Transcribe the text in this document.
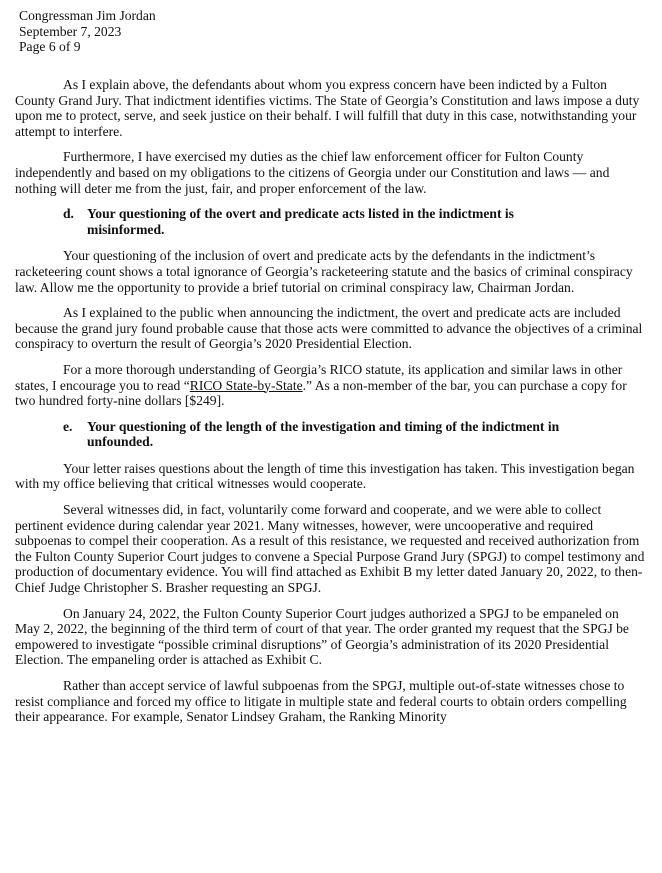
Congressman Jim Jordan
September 7, 2023
Page 6 of 9

As I explain above, the defendants about whom you express concern have been indicted by a Fulton County Grand Jury. That indictment identifies victims. The State of Georgia’s Constitution and laws impose a duty upon me to protect, serve, and seek justice on their behalf. I will fulfill that duty in this case, notwithstanding your attempt to interfere.

Furthermore, I have exercised my duties as the chief law enforcement officer for Fulton County independently and based on my obligations to the citizens of Georgia under our Constitution and laws — and nothing will deter me from the just, fair, and proper enforcement of the law.

d. Your questioning of the overt and predicate acts listed in the indictment is misinformed.

Your questioning of the inclusion of overt and predicate acts by the defendants in the indictment’s racketeering count shows a total ignorance of Georgia’s racketeering statute and the basics of criminal conspiracy law. Allow me the opportunity to provide a brief tutorial on criminal conspiracy law, Chairman Jordan.

As I explained to the public when announcing the indictment, the overt and predicate acts are included because the grand jury found probable cause that those acts were committed to advance the objectives of a criminal conspiracy to overturn the result of Georgia’s 2020 Presidential Election.

For a more thorough understanding of Georgia’s RICO statute, its application and similar laws in other states, I encourage you to read “RICO State-by-State.” As a non-member of the bar, you can purchase a copy for two hundred forty-nine dollars [$249].

e.	Your questioning of the length of the investigation and timing of the indictment in unfounded.

Your letter raises questions about the length of time this investigation has taken. This investigation began with my office believing that critical witnesses would cooperate.

Several witnesses did, in fact, voluntarily come forward and cooperate, and we were able to collect pertinent evidence during calendar year 2021. Many witnesses, however, were uncooperative and required subpoenas to compel their cooperation. As a result of this resistance, we requested and received authorization from the Fulton County Superior Court judges to convene a Special Purpose Grand Jury (SPGJ) to compel testimony and production of documentary evidence. You will find attached as Exhibit B my letter dated January 20, 2022, to then-Chief Judge Christopher S. Brasher requesting an SPGJ.

On January 24, 2022, the Fulton County Superior Court judges authorized a SPGJ to be empaneled on May 2, 2022, the beginning of the third term of court of that year. The order granted my request that the SPGJ be empowered to investigate “possible criminal disruptions” of Georgia’s administration of its 2020 Presidential Election. The empaneling order is attached as Exhibit C.

Rather than accept service of lawful subpoenas from the SPGJ, multiple out-of-state witnesses chose to resist compliance and forced my office to litigate in multiple state and federal courts to obtain orders compelling their appearance. For example, Senator Lindsey Graham, the Ranking Minority
